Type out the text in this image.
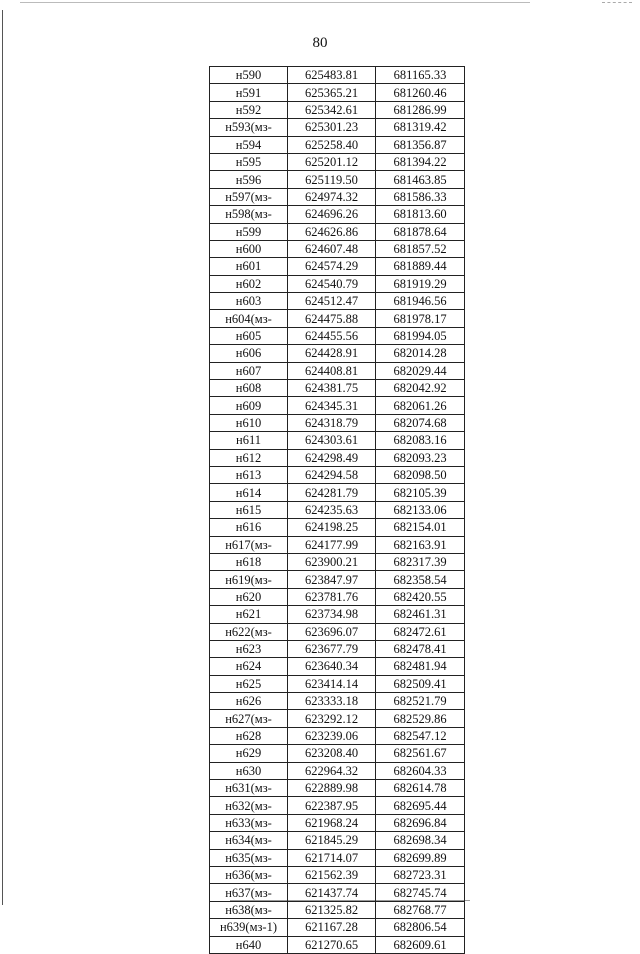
80
н590	625483.81	681165.33
н591	625365.21	681260.46
н592	625342.61	681286.99
н593(мз-	625301.23	681319.42
н594	625258.40	681356.87
н595	625201.12	681394.22
н596	625119.50	681463.85
н597(мз-	624974.32	681586.33
н598(мз-	624696.26	681813.60
н599	624626.86	681878.64
н600	624607.48	681857.52
н601	624574.29	681889.44
н602	624540.79	681919.29
н603	624512.47	681946.56
н604(мз-	624475.88	681978.17
н605	624455.56	681994.05
н606	624428.91	682014.28
н607	624408.81	682029.44
н608	624381.75	682042.92
н609	624345.31	682061.26
н610	624318.79	682074.68
н611	624303.61	682083.16
н612	624298.49	682093.23
н613	624294.58	682098.50
н614	624281.79	682105.39
н615	624235.63	682133.06
н616	624198.25	682154.01
н617(мз-	624177.99	682163.91
н618	623900.21	682317.39
н619(мз-	623847.97	682358.54
н620	623781.76	682420.55
н621	623734.98	682461.31
н622(мз-	623696.07	682472.61
н623	623677.79	682478.41
н624	623640.34	682481.94
н625	623414.14	682509.41
н626	623333.18	682521.79
н627(мз-	623292.12	682529.86
н628	623239.06	682547.12
н629	623208.40	682561.67
н630	622964.32	682604.33
н631(мз-	622889.98	682614.78
н632(мз-	622387.95	682695.44
н633(мз-	621968.24	682696.84
н634(мз-	621845.29	682698.34
н635(мз-	621714.07	682699.89
н636(мз-	621562.39	682723.31
н637(мз-	621437.74	682745.74
н638(мз-	621325.82	682768.77
н639(мз-1)	621167.28	682806.54
н640	621270.65	682609.61
